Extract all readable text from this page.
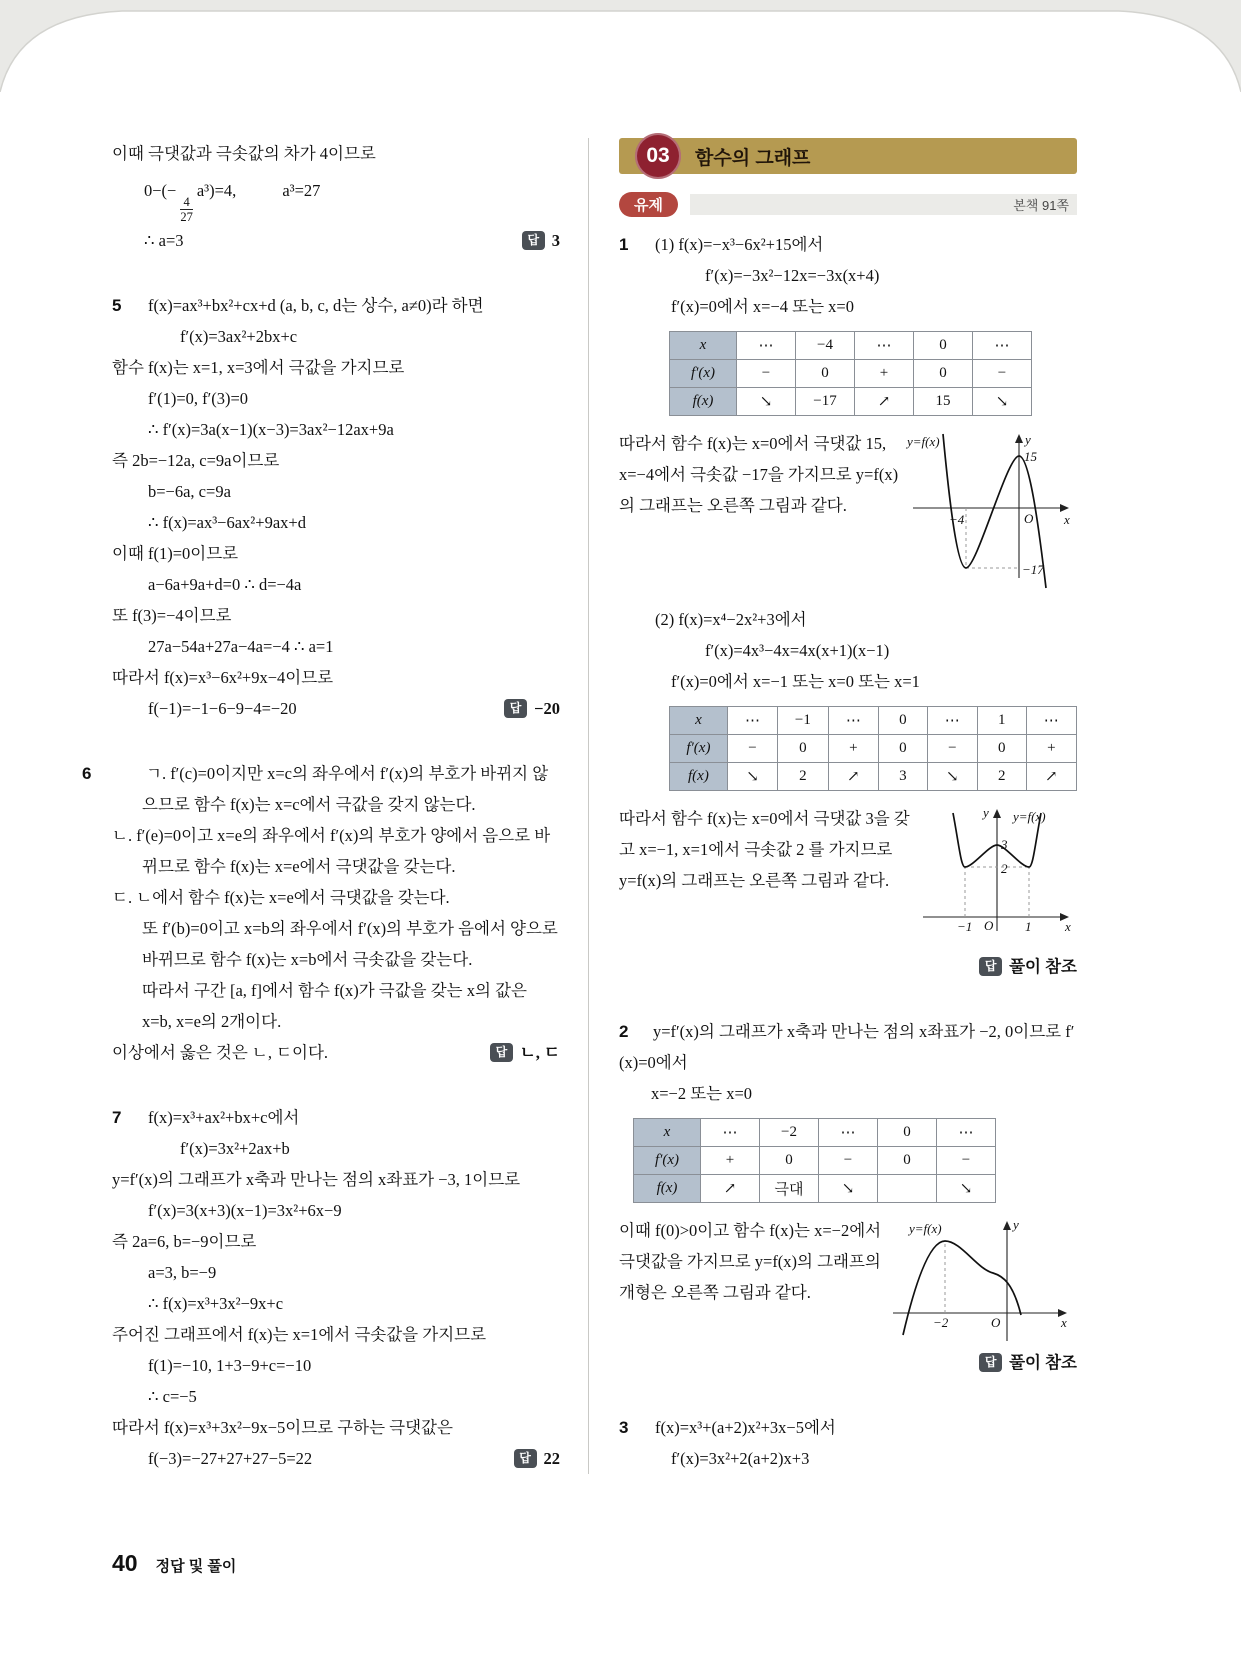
이때 극댓값과 극솟값의 차가 4이므로
0−(−
$\frac{4}{27}$
a³)=4,	a³=27
∴ a=3	답 3
5	f(x)=ax³+bx²+cx+d (a, b, c, d는 상수, a≠0)라 하면
f′(x)=3ax²+2bx+c
함수 f(x)는 x=1, x=3에서 극값을 가지므로
f′(1)=0, f′(3)=0
∴ f′(x)=3a(x−1)(x−3)=3ax²−12ax+9a
즉 2b=−12a, c=9a이므로
b=−6a, c=9a
∴ f(x)=ax³−6ax²+9ax+d
이때 f(1)=0이므로
a−6a+9a+d=0 ∴ d=−4a
또 f(3)=−4이므로
27a−54a+27a−4a=−4 ∴ a=1
따라서 f(x)=x³−6x²+9x−4이므로
f(−1)=−1−6−9−4=−20	답 −20
6	ㄱ. f′(c)=0이지만 x=c의 좌우에서 f′(x)의 부호가 바뀌지 않으므로 함수 f(x)는 x=c에서 극값을 갖지 않는다.
ㄴ. f′(e)=0이고 x=e의 좌우에서 f′(x)의 부호가 양에서 음으로 바뀌므로 함수 f(x)는 x=e에서 극댓값을 갖는다.
ㄷ. ㄴ에서 함수 f(x)는 x=e에서 극댓값을 갖는다.
또 f′(b)=0이고 x=b의 좌우에서 f′(x)의 부호가 음에서 양으로 바뀌므로 함수 f(x)는 x=b에서 극솟값을 갖는다.
따라서 구간 [a, f]에서 함수 f(x)가 극값을 갖는 x의 값은 x=b, x=e의 2개이다.
이상에서 옳은 것은 ㄴ, ㄷ이다.	답 ㄴ, ㄷ
7	f(x)=x³+ax²+bx+c에서
f′(x)=3x²+2ax+b
y=f′(x)의 그래프가 x축과 만나는 점의 x좌표가 −3, 1이므로
f′(x)=3(x+3)(x−1)=3x²+6x−9
즉 2a=6, b=−9이므로
a=3, b=−9
∴ f(x)=x³+3x²−9x+c
주어진 그래프에서 f(x)는 x=1에서 극솟값을 가지므로
f(1)=−10, 1+3−9+c=−10
∴ c=−5
따라서 f(x)=x³+3x²−9x−5이므로 구하는 극댓값은
f(−3)=−27+27+27−5=22	답 22
03	함수의 그래프
유제	본책 91쪽
1	(1) f(x)=−x³−6x²+15에서
f′(x)=−3x²−12x=−3x(x+4)
f′(x)=0에서 x=−4 또는 x=0
x	⋯	−4	⋯	0	⋯
f′(x)	−	0	+	0	−
f(x)	↘	−17	↗	15	↘
따라서 함수 f(x)는 x=0에서 극댓값 15, x=−4에서 극솟값 −17을 가지므로 y=f(x)의 그래프는 오른쪽 그림과 같다.
y=f(x)	y
15
−4	O x
−17
(2) f(x)=x⁴−2x²+3에서
f′(x)=4x³−4x=4x(x+1)(x−1)
f′(x)=0에서 x=−1 또는 x=0 또는 x=1
x	⋯	−1	⋯	0	⋯	1	⋯
f′(x)	−	0	+	0	−	0	+
f(x)	↘	2	↗	3	↘	2	↗
따라서 함수 f(x)는 x=0에서 극댓값 3을 갖고 x=−1, x=1에서 극솟값 2 를 가지므로 y=f(x)의 그래프는 오른쪽 그림과 같다.
y y=f(x)
3
2
−1 O 1	x
답 풀이 참조
2 y=f′(x)의 그래프가 x축과 만나는 점의 x좌표가 −2, 0이므로 f′(x)=0에서
x=−2 또는 x=0
x	⋯	−2	⋯	0	⋯
f′(x)	+	0	−	0	−
f(x)	↗	극대	↘		↘
이때 f(0)>0이고 함수 f(x)는 x=−2에서 극댓값을 가지므로 y=f(x)의 그래프의 개형은 오른쪽 그림과 같다.
y=f(x)	y
−2	O	x
답 풀이 참조
3	f(x)=x³+(a+2)x²+3x−5에서
f′(x)=3x²+2(a+2)x+3
40 정답 및 풀이
